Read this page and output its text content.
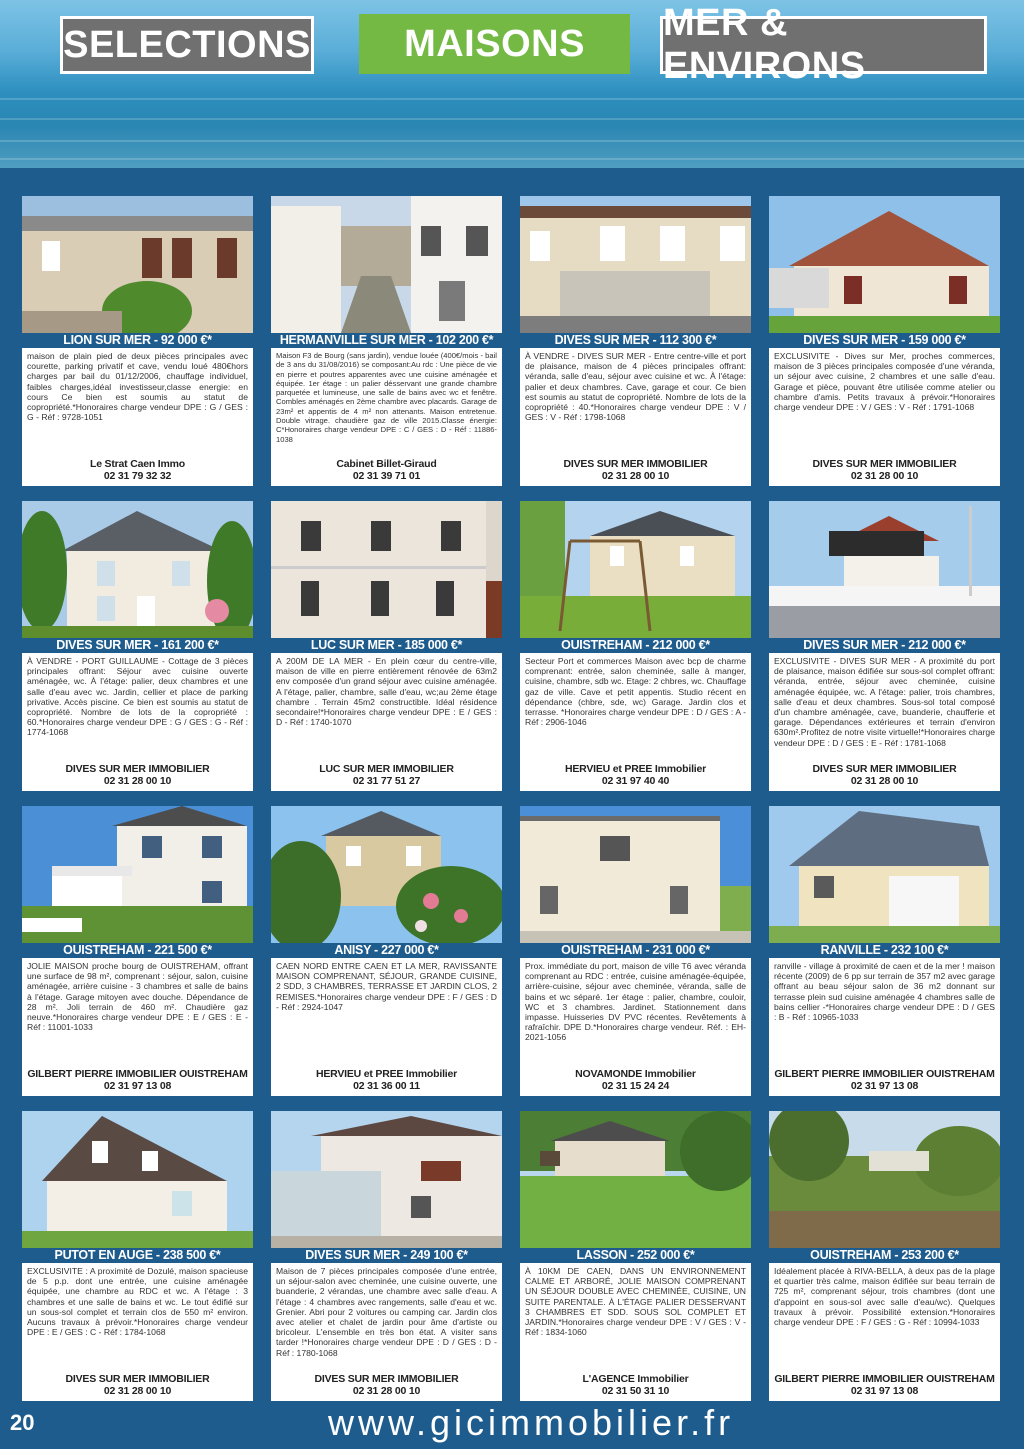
SELECTIONS	MAISONS	MER & ENVIRONS
LION SUR MER - 92 000 €*
maison de plain pied de deux pièces principales avec courette, parking privatif et cave, vendu loué 480€hors charges par bail du 01/12/2006, chauffage individuel, faibles charges,idéal investisseur,classe energie: en cours Ce bien est soumis au statut de copropriété.*Honoraires charge vendeur DPE : G / GES : G - Réf : 9728-1051
Le Strat Caen Immo
02 31 79 32 32
HERMANVILLE SUR MER - 102 200 €*
Maison F3 de Bourg (sans jardin), vendue louée (400€/mois - bail de 3 ans du 31/08/2016) se composant:Au rdc : Une pièce de vie en pierre et poutres apparentes avec une cuisine aménagée et équipée. 1er étage : un palier désservant une grande chambre parquetée et lumineuse, une salle de bains avec wc et fenêtre. Combles aménagés en 2ème chambre avec placards. Garage de 23m² et appentis de 4 m² non attenants. Maison entretenue. Double vitrage. chaudière gaz de ville 2015.Classe énergie: C*Honoraires charge vendeur DPE : C / GES : D - Réf : 11886-1038
Cabinet Billet-Giraud
02 31 39 71 01
DIVES SUR MER - 112 300 €*
À VENDRE - DIVES SUR MER - Entre centre-ville et port de plaisance, maison de 4 pièces principales offrant: véranda, salle d'eau, séjour avec cuisine et wc. À l'étage: palier et deux chambres. Cave, garage et cour. Ce bien est soumis au statut de copropriété. Nombre de lots de la copropriété : 40.*Honoraires charge vendeur DPE : V / GES : V - Réf : 1798-1068
DIVES SUR MER IMMOBILIER
02 31 28 00 10
DIVES SUR MER - 159 000 €*
EXCLUSIVITE - Dives sur Mer, proches commerces, maison de 3 pièces principales composée d'une véranda, un séjour avec cuisine, 2 chambres et une salle d'eau. Garage et pièce, pouvant être utilisée comme atelier ou chambre d'amis. Petits travaux à prévoir.*Honoraires charge vendeur DPE : V / GES : V - Réf : 1791-1068
DIVES SUR MER IMMOBILIER
02 31 28 00 10
DIVES SUR MER - 161 200 €*
À VENDRE - PORT GUILLAUME - Cottage de 3 pièces principales offrant: Séjour avec cuisine ouverte aménagée, wc. À l'étage: palier, deux chambres et une salle d'eau avec wc. Jardin, cellier et place de parking privative. Accès piscine. Ce bien est soumis au statut de copropriété. Nombre de lots de la copropriété : 60.*Honoraires charge vendeur DPE : G / GES : G - Réf : 1774-1068
DIVES SUR MER IMMOBILIER
02 31 28 00 10
LUC SUR MER - 185 000 €*
A 200M DE LA MER - En plein cœur du centre-ville, maison de ville en pierre entièrement rénovée de 63m2 env composée d'un grand séjour avec cuisine aménagée. A l'étage, palier, chambre, salle d'eau, wc;au 2ème étage chambre . Terrain 45m2 constructible. Idéal résidence secondaire!*Honoraires charge vendeur DPE : E / GES : D - Réf : 1740-1070
LUC SUR MER IMMOBILIER
02 31 77 51 27
OUISTREHAM - 212 000 €*
Secteur Port et commerces Maison avec bcp de charme comprenant: entrée, salon cheminée, salle à manger, cuisine, chambre, sdb wc. Etage: 2 chbres, wc. Chauffage gaz de ville. Cave et petit appentis. Studio récent en dépendance (chbre, sde, wc) Garage. Jardin clos et terrasse. *Honoraires charge vendeur DPE : D / GES : A - Réf : 2906-1046
HERVIEU et PREE Immobilier
02 31 97 40 40
DIVES SUR MER - 212 000 €*
EXCLUSIVITE - DIVES SUR MER - A proximité du port de plaisance, maison édifiée sur sous-sol complet offrant: véranda, entrée, séjour avec cheminée, cuisine aménagée équipée, wc. A l'étage: palier, trois chambres, salle d'eau et deux chambres. Sous-sol total composé d'un chambre aménagée, cave, buanderie, chaufferie et garage. Dépendances extérieures et terrain d'environ 630m².Profitez de notre visite virtuelle!*Honoraires charge vendeur DPE : D / GES : E - Réf : 1781-1068
DIVES SUR MER IMMOBILIER
02 31 28 00 10
OUISTREHAM - 221 500 €*
JOLIE MAISON proche bourg de OUISTREHAM, offrant une surface de 98 m², comprenant : séjour, salon, cuisine aménagée, arrière cuisine - 3 chambres et salle de bains à l'étage. Garage mitoyen avec douche. Dépendance de 28 m². Joli terrain de 460 m². Chaudière gaz neuve.*Honoraires charge vendeur DPE : E / GES : E - Réf : 11001-1033
GILBERT PIERRE IMMOBILIER OUISTREHAM
02 31 97 13 08
ANISY - 227 000 €*
CAEN NORD ENTRE CAEN ET LA MER, RAVISSANTE MAISON COMPRENANT, SÉJOUR, GRANDE CUISINE, 2 SDD, 3 CHAMBRES, TERRASSE ET JARDIN CLOS, 2 REMISES.*Honoraires charge vendeur DPE : F / GES : D - Réf : 2924-1047
HERVIEU et PREE Immobilier
02 31 36 00 11
OUISTREHAM - 231 000 €*
Prox. immédiate du port, maison de ville T6 avec véranda comprenant au RDC : entrée, cuisine aménagée-équipée, arrière-cuisine, séjour avec cheminée, véranda, salle de bains et wc séparé. 1er étage : palier, chambre, couloir, WC et 3 chambres. Jardinet. Stationnement dans impasse. Huisseries DV PVC récentes. Revêtements à rafraîchir. DPE D.*Honoraires charge vendeur. Réf. : EH-2021-1056
NOVAMONDE Immobilier
02 31 15 24 24
RANVILLE - 232 100 €*
ranville - village à proximité de caen et de la mer ! maison récente (2009) de 6 pp sur terrain de 357 m2 avec garage offrant au beau séjour salon de 36 m2 donnant sur terrasse plein sud cuisine aménagée 4 chambres salle de bains cellier -*Honoraires charge vendeur DPE : D / GES : B - Réf : 10965-1033
GILBERT PIERRE IMMOBILIER OUISTREHAM
02 31 97 13 08
PUTOT EN AUGE - 238 500 €*
EXCLUSIVITE : A proximité de Dozulé, maison spacieuse de 5 p.p. dont une entrée, une cuisine aménagée équipée, une chambre au RDC et wc. A l'étage : 3 chambres et une salle de bains et wc. Le tout édifié sur un sous-sol complet et terrain clos de 550 m² environ. Aucuns travaux à prévoir.*Honoraires charge vendeur DPE : E / GES : C - Réf : 1784-1068
DIVES SUR MER IMMOBILIER
02 31 28 00 10
DIVES SUR MER - 249 100 €*
Maison de 7 pièces principales composée d'une entrée, un séjour-salon avec cheminée, une cuisine ouverte, une buanderie, 2 vérandas, une chambre avec salle d'eau. A l'étage : 4 chambres avec rangements, salle d'eau et wc. Grenier. Abri pour 2 voitures ou camping car. Jardin clos avec atelier et chalet de jardin pour âme d'artiste ou bricoleur. L'ensemble en très bon état. A visiter sans tarder !*Honoraires charge vendeur DPE : D / GES : D - Réf : 1780-1068
DIVES SUR MER IMMOBILIER
02 31 28 00 10
LASSON - 252 000 €*
À 10KM DE CAEN, DANS UN ENVIRONNEMENT CALME ET ARBORÉ, JOLIE MAISON COMPRENANT UN SÉJOUR DOUBLE AVEC CHEMINÉE, CUISINE, UN SUITE PARENTALE. À L'ÉTAGE PALIER DESSERVANT 3 CHAMBRES ET SDD. SOUS SOL COMPLET ET JARDIN.*Honoraires charge vendeur DPE : V / GES : V - Réf : 1834-1060
L'AGENCE Immobilier
02 31 50 31 10
OUISTREHAM - 253 200 €*
Idéalement placée à RIVA-BELLA, à deux pas de la plage et quartier très calme, maison édifiée sur beau terrain de 725 m², comprenant séjour, trois chambres (dont une d'appoint en sous-sol avec salle d'eau/wc). Quelques travaux à prévoir. Possibilité extension.*Honoraires charge vendeur DPE : F / GES : G - Réf : 10994-1033
GILBERT PIERRE IMMOBILIER OUISTREHAM
02 31 97 13 08
20	www.gicimmobilier.fr
